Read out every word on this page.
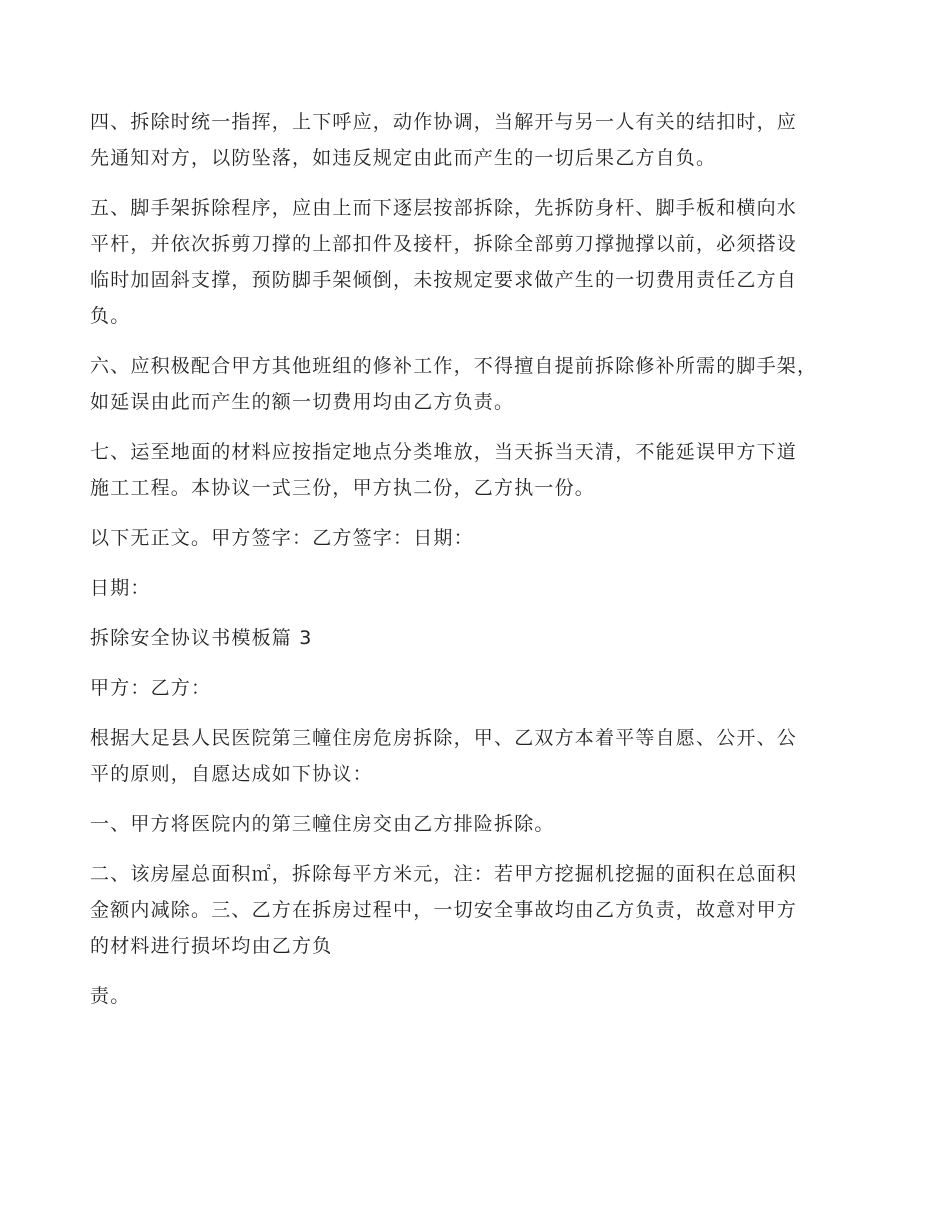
四、拆除时统一指挥，上下呼应，动作协调，当解开与另一人有关的结扣时，应
先通知对方，以防坠落，如违反规定由此而产生的一切后果乙方自负。

五、脚手架拆除程序，应由上而下逐层按部拆除，先拆防身杆、脚手板和横向水
平杆，并依次拆剪刀撑的上部扣件及接杆，拆除全部剪刀撑抛撑以前，必须搭设
临时加固斜支撑，预防脚手架倾倒，未按规定要求做产生的一切费用责任乙方自
负。

六、应积极配合甲方其他班组的修补工作，不得擅自提前拆除修补所需的脚手架，
如延误由此而产生的额一切费用均由乙方负责。

七、运至地面的材料应按指定地点分类堆放，当天拆当天清，不能延误甲方下道
施工工程。本协议一式三份，甲方执二份，乙方执一份。

以下无正文。甲方签字：乙方签字：日期：

日期：

拆除安全协议书模板篇 3

甲方：乙方：

根据大足县人民医院第三幢住房危房拆除，甲、乙双方本着平等自愿、公开、公
平的原则，自愿达成如下协议：

一、甲方将医院内的第三幢住房交由乙方排险拆除。

二、该房屋总面积㎡，拆除每平方米元，注：若甲方挖掘机挖掘的面积在总面积
金额内减除。三、乙方在拆房过程中，一切安全事故均由乙方负责，故意对甲方
的材料进行损坏均由乙方负

责。
